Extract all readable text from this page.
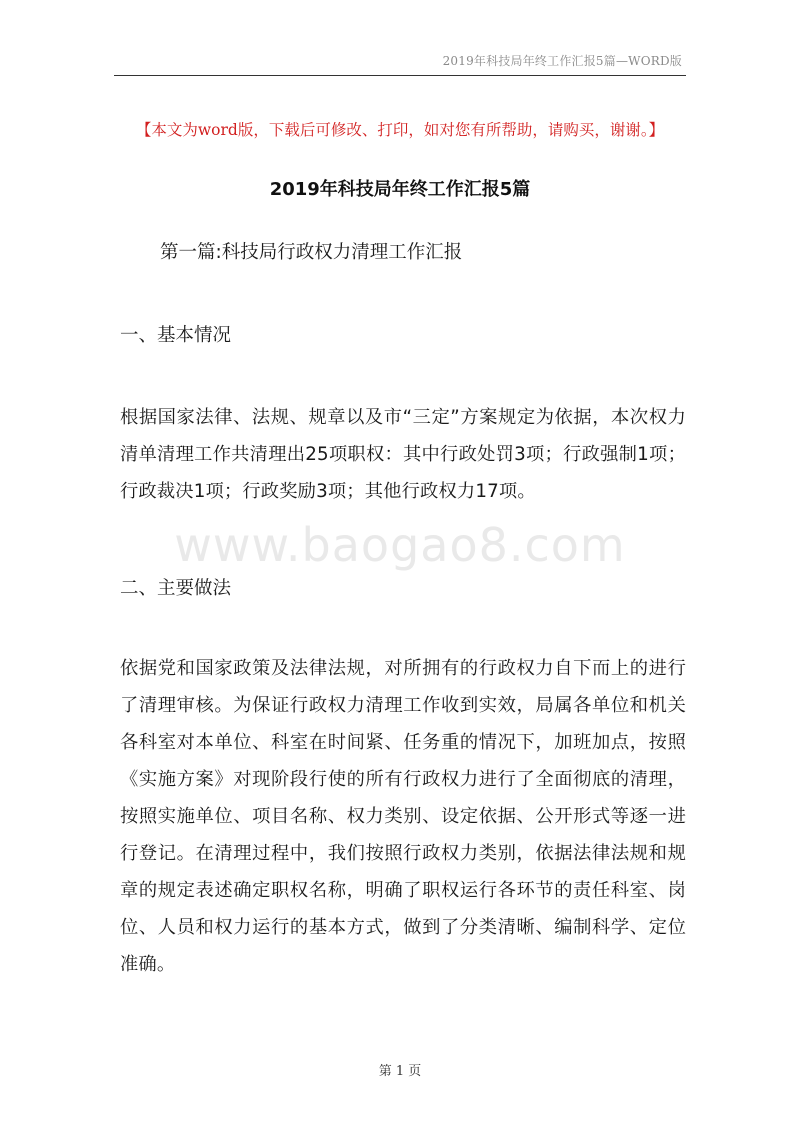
2019年科技局年终工作汇报5篇—WORD版
【本文为word版，下载后可修改、打印，如对您有所帮助，请购买，谢谢。】
2019年科技局年终工作汇报5篇
第一篇:科技局行政权力清理工作汇报
一、基本情况
根据国家法律、法规、规章以及市“三定”方案规定为依据，本次权力清单清理工作共清理出25项职权：其中行政处罚3项；行政强制1项；行政裁决1项；行政奖励3项；其他行政权力17项。
www.baogao8.com
二、主要做法
依据党和国家政策及法律法规，对所拥有的行政权力自下而上的进行了清理审核。为保证行政权力清理工作收到实效，局属各单位和机关各科室对本单位、科室在时间紧、任务重的情况下，加班加点，按照《实施方案》对现阶段行使的所有行政权力进行了全面彻底的清理，按照实施单位、项目名称、权力类别、设定依据、公开形式等逐一进行登记。在清理过程中，我们按照行政权力类别，依据法律法规和规章的规定表述确定职权名称，明确了职权运行各环节的责任科室、岗位、人员和权力运行的基本方式，做到了分类清晰、编制科学、定位准确。
第 1 页
